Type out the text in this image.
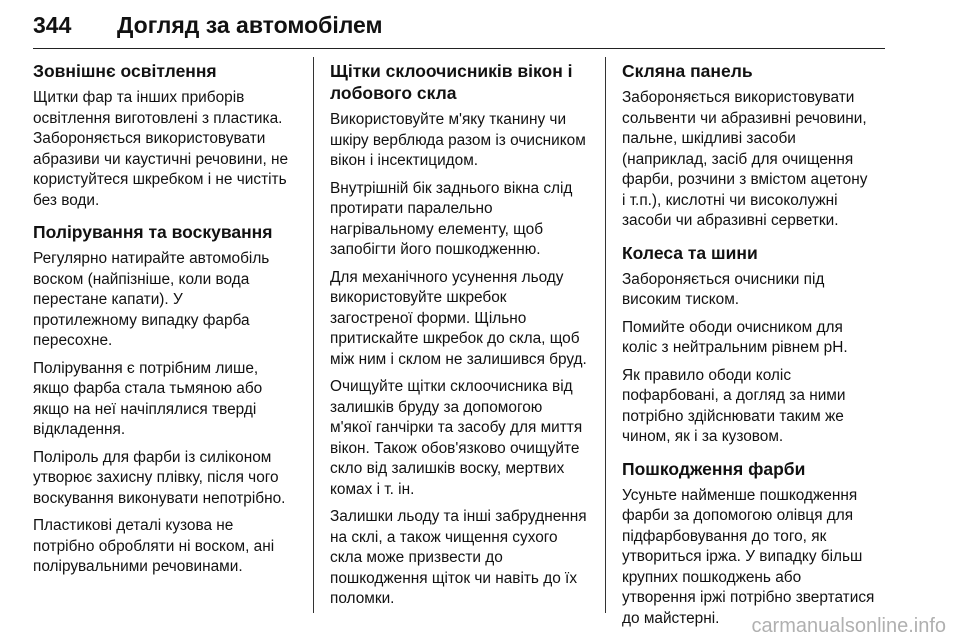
344 Догляд за автомобілем
Зовнішнє освітлення

Щитки фар та інших приборів
освітлення виготовлені з пластика.
Забороняється використовувати
абразиви чи каустичні речовини, не
користуйтеся шкребком і не чистіть
без води.

Полірування та воскування

Регулярно натирайте автомобіль
воском (найпізніше, коли вода
перестане капати). У
протилежному випадку фарба
пересохне.

Полірування є потрібним лише,
якщо фарба стала тьмяною або
якщо на неї начіплялися тверді
відкладення.

Поліроль для фарби із силіконом
утворює захисну плівку, після чого
воскування виконувати непотрібно.

Пластикові деталі кузова не
потрібно обробляти ні воском, ані
полірувальними речовинами.

Щітки склоочисників вікон і
лобового скла

Використовуйте м'яку тканину чи
шкіру верблюда разом із очисником
вікон і інсектицидом.

Внутрішній бік заднього вікна слід
протирати паралельно
нагрівальному елементу, щоб
запобігти його пошкодженню.

Для механічного усунення льоду
використовуйте шкребок
загостреної форми. Щільно
притискайте шкребок до скла, щоб
між ним і склом не залишився бруд.

Очищуйте щітки склоочисника від
залишків бруду за допомогою
м'якої ганчірки та засобу для миття
вікон. Також обов'язково очищуйте
скло від залишків воску, мертвих
комах і т. ін.

Залишки льоду та інші забруднення
на склі, а також чищення сухого
скла може призвести до
пошкодження щіток чи навіть до їх
поломки.

Скляна панель

Забороняється використовувати
сольвенти чи абразивні речовини,
пальне, шкідливі засоби
(наприклад, засіб для очищення
фарби, розчини з вмістом ацетону
і т.п.), кислотні чи високолужні
засоби чи абразивні серветки.

Колеса та шини

Забороняється очисники під
високим тиском.

Помийте ободи очисником для
коліс з нейтральним рівнем pH.

Як правило ободи коліс
пофарбовані, а догляд за ними
потрібно здійснювати таким же
чином, як і за кузовом.

Пошкодження фарби

Усуньте найменше пошкодження
фарби за допомогою олівця для
підфарбовування до того, як
утвориться іржа. У випадку більш
крупних пошкоджень або
утворення іржі потрібно звертатися
до майстерні.	carmanualsonline.info
